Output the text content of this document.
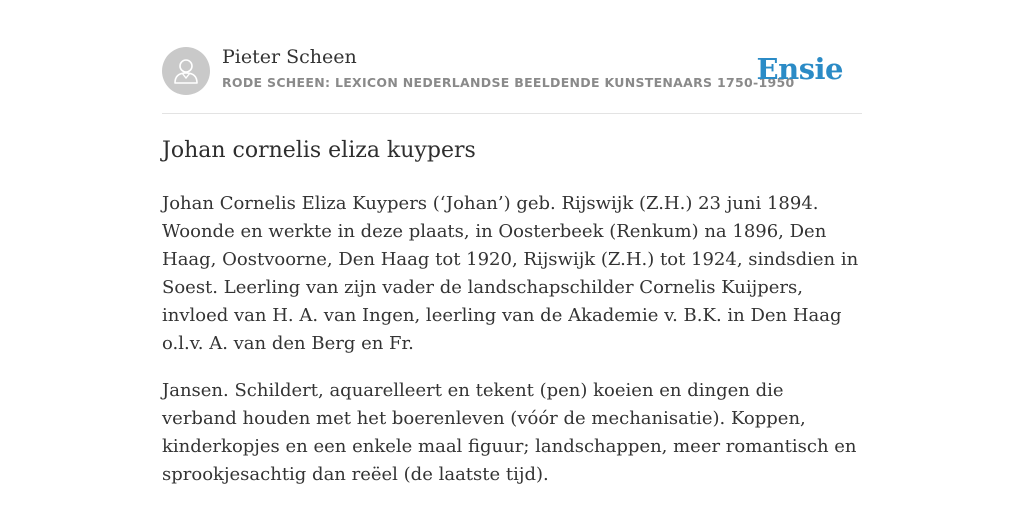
Pieter Scheen
RODE SCHEEN: LEXICON NEDERLANDSE BEELDENDE KUNSTENAARS 1750-1950
Ensie
Johan cornelis eliza kuypers

Johan Cornelis Eliza Kuypers (‘Johan’) geb. Rijswijk (Z.H.) 23 juni 1894. Woonde en werkte in deze plaats, in Oosterbeek (Renkum) na 1896, Den Haag, Oostvoorne, Den Haag tot 1920, Rijswijk (Z.H.) tot 1924, sindsdien in Soest. Leerling van zijn vader de landschapschilder Cornelis Kuijpers, invloed van H. A. van Ingen, leerling van de Akademie v. B.K. in Den Haag o.l.v. A. van den Berg en Fr.

Jansen. Schildert, aquarelleert en tekent (pen) koeien en dingen die verband houden met het boerenleven (vóór de mechanisatie). Koppen, kinderkopjes en een enkele maal figuur; landschappen, meer romantisch en sprookjesachtig dan reëel (de laatste tijd).
